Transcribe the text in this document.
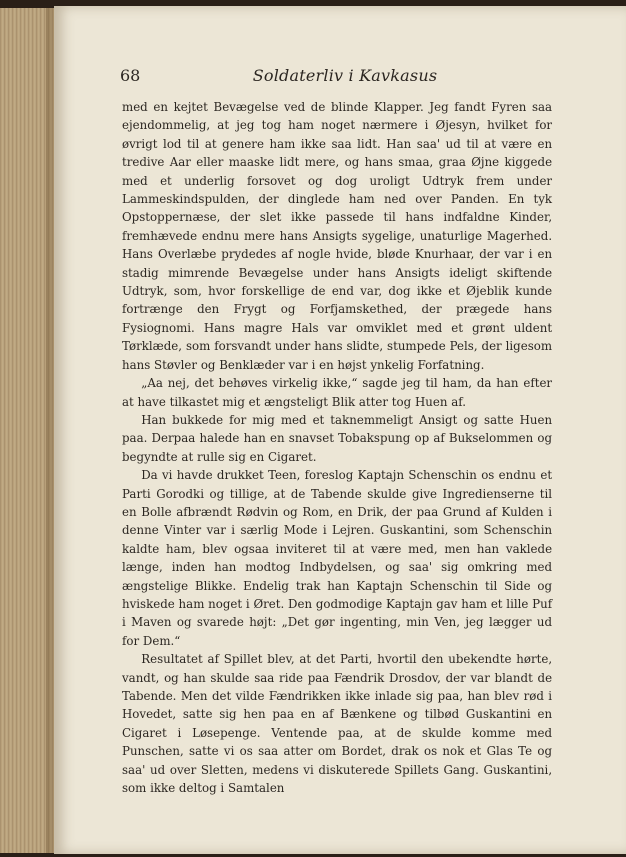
68	Soldaterliv i Kavkasus

med en kejtet Bevægelse ved de blinde Klapper. Jeg fandt Fyren saa ejendommelig, at jeg tog ham noget nærmere i Øjesyn, hvilket for øvrigt lod til at genere ham ikke saa lidt. Han saa' ud til at være en tredive Aar eller maaske lidt mere, og hans smaa, graa Øjne kiggede med et underlig forsovet og dog uroligt Udtryk frem under Lammeskindspulden, der dinglede ham ned over Panden. En tyk Opstoppernæse, der slet ikke passede til hans indfaldne Kinder, fremhævede endnu mere hans Ansigts sygelige, unaturlige Magerhed. Hans Overlæbe prydedes af nogle hvide, bløde Knurhaar, der var i en stadig mimrende Bevægelse under hans Ansigts ideligt skiftende Udtryk, som, hvor forskellige de end var, dog ikke et Øjeblik kunde fortrænge den Frygt og Forfjamskethed, der prægede hans Fysiognomi. Hans magre Hals var omviklet med et grønt uldent Tørklæde, som forsvandt under hans slidte, stumpede Pels, der ligesom hans Støvler og Benklæder var i en højst ynkelig Forfatning.

„Aa nej, det behøves virkelig ikke,“ sagde jeg til ham, da han efter at have tilkastet mig et ængsteligt Blik atter tog Huen af.

Han bukkede for mig med et taknemmeligt Ansigt og satte Huen paa. Derpaa halede han en snavset Tobakspung op af Bukselommen og begyndte at rulle sig en Cigaret.

Da vi havde drukket Teen, foreslog Kaptajn Schenschin os endnu et Parti Gorodki og tillige, at de Tabende skulde give Ingredienserne til en Bolle afbrændt Rødvin og Rom, en Drik, der paa Grund af Kulden i denne Vinter var i særlig Mode i Lejren. Guskantini, som Schenschin kaldte ham, blev ogsaa inviteret til at være med, men han vaklede længe, inden han modtog Indbydelsen, og saa' sig omkring med ængstelige Blikke. Endelig trak han Kaptajn Schenschin til Side og hviskede ham noget i Øret. Den godmodige Kaptajn gav ham et lille Puf i Maven og svarede højt: „Det gør ingenting, min Ven, jeg lægger ud for Dem.“

Resultatet af Spillet blev, at det Parti, hvortil den ubekendte hørte, vandt, og han skulde saa ride paa Fændrik Drosdov, der var blandt de Tabende. Men det vilde Fændrikken ikke inlade sig paa, han blev rød i Hovedet, satte sig hen paa en af Bænkene og tilbød Guskantini en Cigaret i Løsepenge. Ventende paa, at de skulde komme med Punschen, satte vi os saa atter om Bordet, drak os nok et Glas Te og saa' ud over Sletten, medens vi diskuterede Spillets Gang. Guskantini, som ikke deltog i Samtalen
